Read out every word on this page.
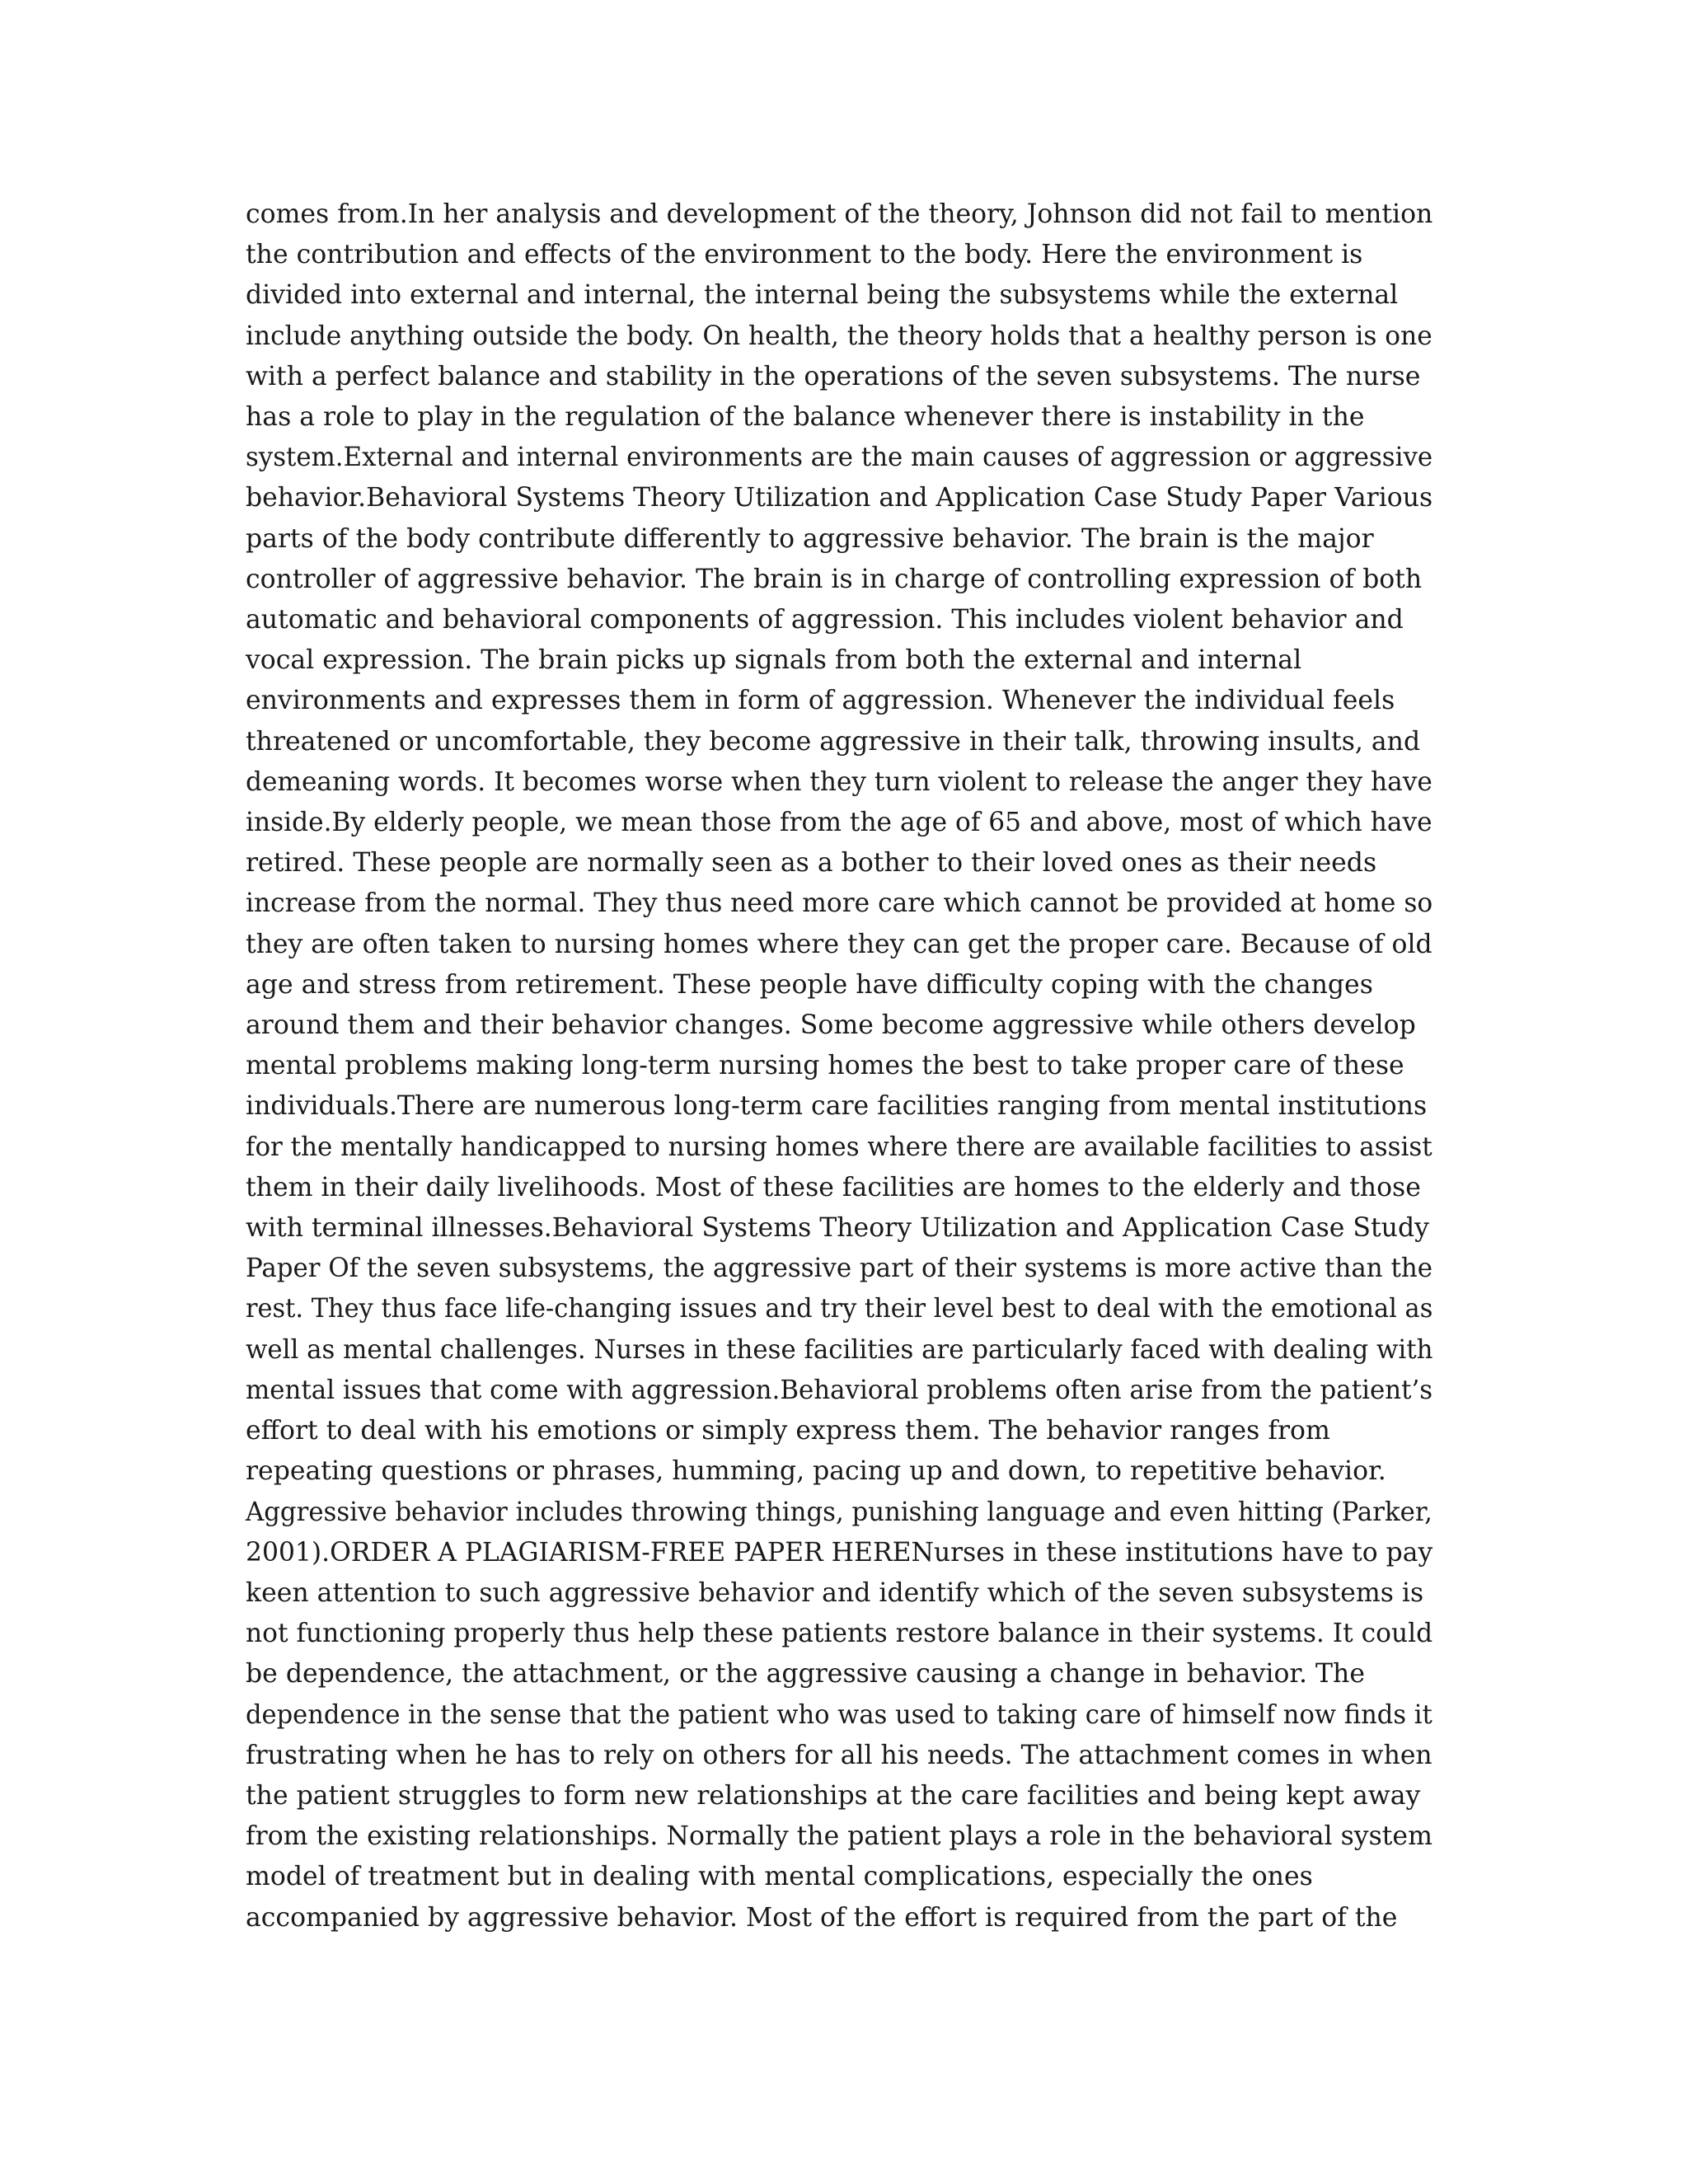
comes from.In her analysis and development of the theory, Johnson did not fail to mention
the contribution and effects of the environment to the body. Here the environment is
divided into external and internal, the internal being the subsystems while the external
include anything outside the body. On health, the theory holds that a healthy person is one
with a perfect balance and stability in the operations of the seven subsystems. The nurse
has a role to play in the regulation of the balance whenever there is instability in the
system.External and internal environments are the main causes of aggression or aggressive
behavior.Behavioral Systems Theory Utilization and Application Case Study Paper Various
parts of the body contribute differently to aggressive behavior. The brain is the major
controller of aggressive behavior. The brain is in charge of controlling expression of both
automatic and behavioral components of aggression. This includes violent behavior and
vocal expression. The brain picks up signals from both the external and internal
environments and expresses them in form of aggression. Whenever the individual feels
threatened or uncomfortable, they become aggressive in their talk, throwing insults, and
demeaning words. It becomes worse when they turn violent to release the anger they have
inside.By elderly people, we mean those from the age of 65 and above, most of which have
retired. These people are normally seen as a bother to their loved ones as their needs
increase from the normal. They thus need more care which cannot be provided at home so
they are often taken to nursing homes where they can get the proper care. Because of old
age and stress from retirement. These people have difficulty coping with the changes
around them and their behavior changes. Some become aggressive while others develop
mental problems making long-term nursing homes the best to take proper care of these
individuals.There are numerous long-term care facilities ranging from mental institutions
for the mentally handicapped to nursing homes where there are available facilities to assist
them in their daily livelihoods. Most of these facilities are homes to the elderly and those
with terminal illnesses.Behavioral Systems Theory Utilization and Application Case Study
Paper Of the seven subsystems, the aggressive part of their systems is more active than the
rest. They thus face life-changing issues and try their level best to deal with the emotional as
well as mental challenges. Nurses in these facilities are particularly faced with dealing with
mental issues that come with aggression.Behavioral problems often arise from the patient’s
effort to deal with his emotions or simply express them. The behavior ranges from
repeating questions or phrases, humming, pacing up and down, to repetitive behavior.
Aggressive behavior includes throwing things, punishing language and even hitting (Parker,
2001).ORDER A PLAGIARISM-FREE PAPER HERENurses in these institutions have to pay
keen attention to such aggressive behavior and identify which of the seven subsystems is
not functioning properly thus help these patients restore balance in their systems. It could
be dependence, the attachment, or the aggressive causing a change in behavior. The
dependence in the sense that the patient who was used to taking care of himself now finds it
frustrating when he has to rely on others for all his needs. The attachment comes in when
the patient struggles to form new relationships at the care facilities and being kept away
from the existing relationships. Normally the patient plays a role in the behavioral system
model of treatment but in dealing with mental complications, especially the ones
accompanied by aggressive behavior. Most of the effort is required from the part of the
